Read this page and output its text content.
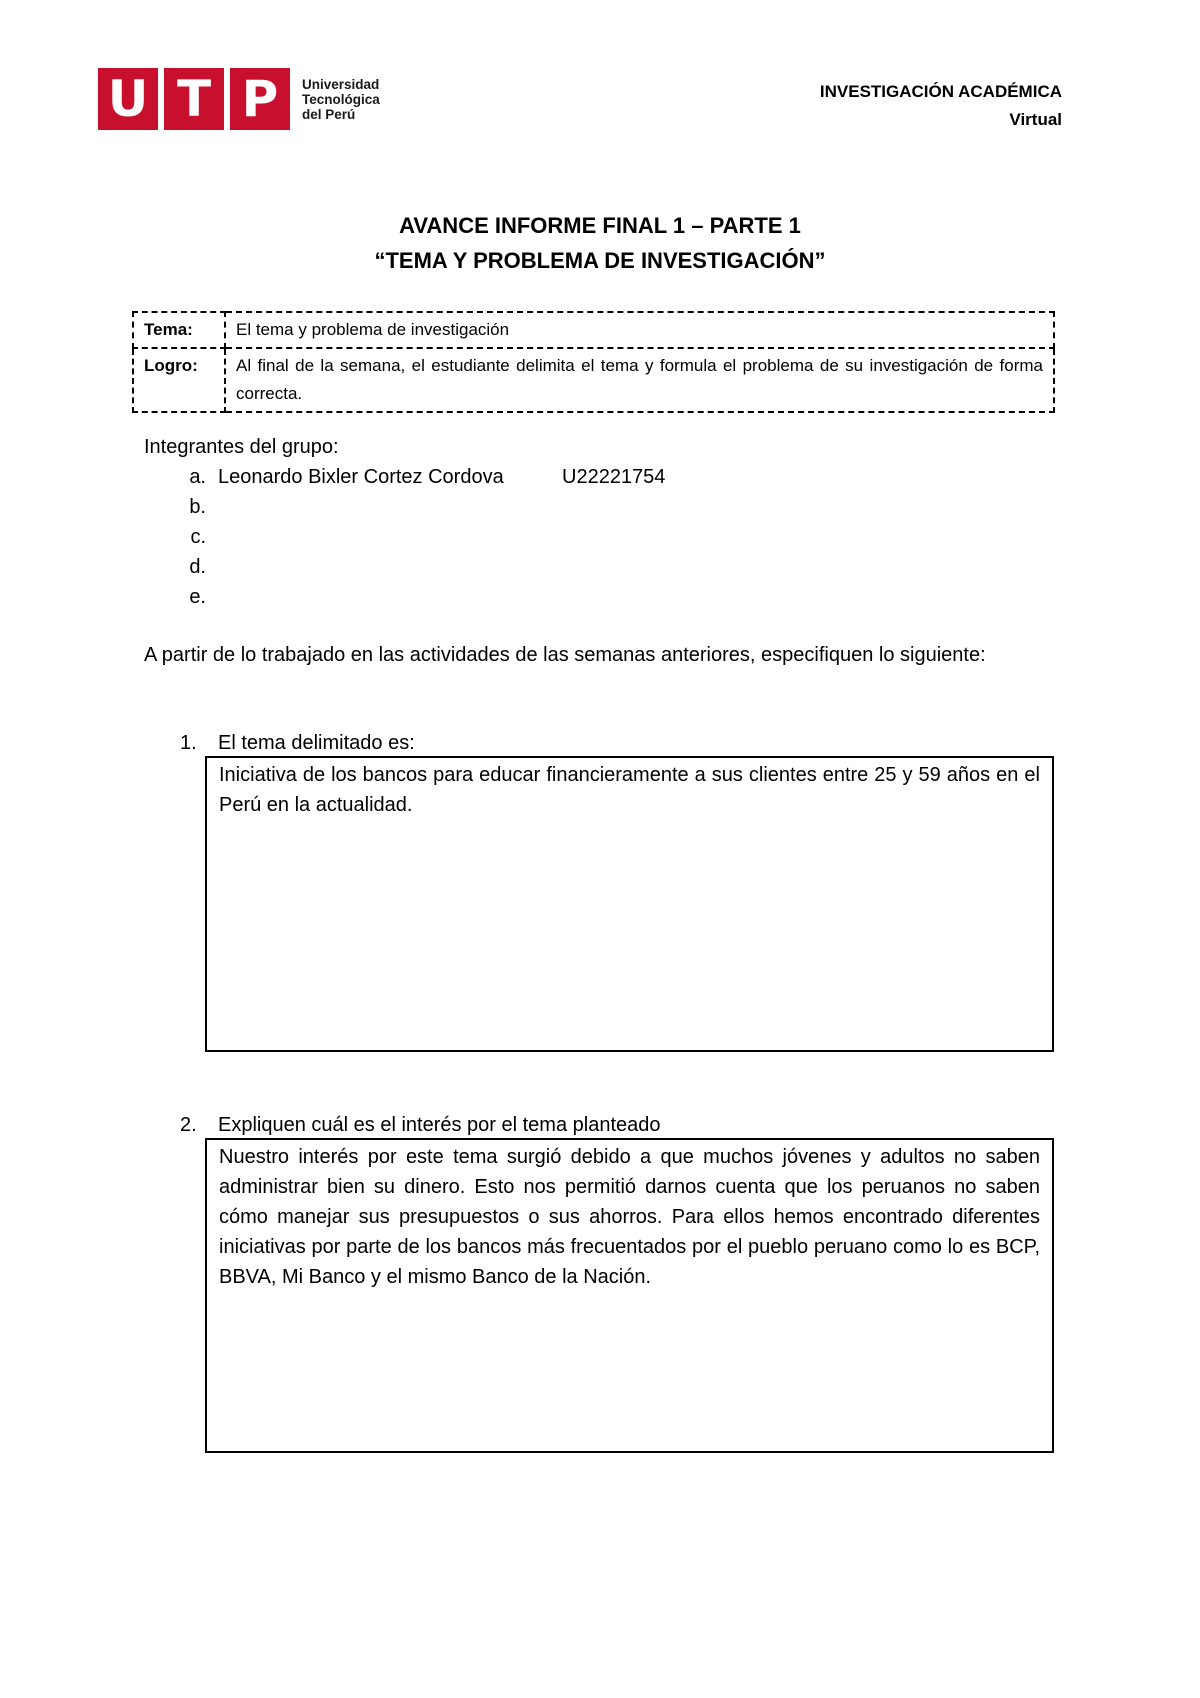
U T P	Universidad
Tecnológica
del Perú
INVESTIGACIÓN ACADÉMICA
Virtual
AVANCE INFORME FINAL 1 – PARTE 1
“TEMA Y PROBLEMA DE INVESTIGACIÓN”
Tema:	El tema y problema de investigación
Logro:	Al final de la semana, el estudiante delimita el tema y formula el problema de su investigación de forma correcta.
Integrantes del grupo:
a. Leonardo Bixler Cortez Cordova	U22221754
b.
c.
d.
e.
A partir de lo trabajado en las actividades de las semanas anteriores, especifiquen lo siguiente:
1. El tema delimitado es:
Iniciativa de los bancos para educar financieramente a sus clientes entre 25 y 59 años en el Perú en la actualidad.
2. Expliquen cuál es el interés por el tema planteado
Nuestro interés por este tema surgió debido a que muchos jóvenes y adultos no saben administrar bien su dinero. Esto nos permitió darnos cuenta que los peruanos no saben cómo manejar sus presupuestos o sus ahorros. Para ellos hemos encontrado diferentes iniciativas por parte de los bancos más frecuentados por el pueblo peruano como lo es BCP, BBVA, Mi Banco y el mismo Banco de la Nación.
